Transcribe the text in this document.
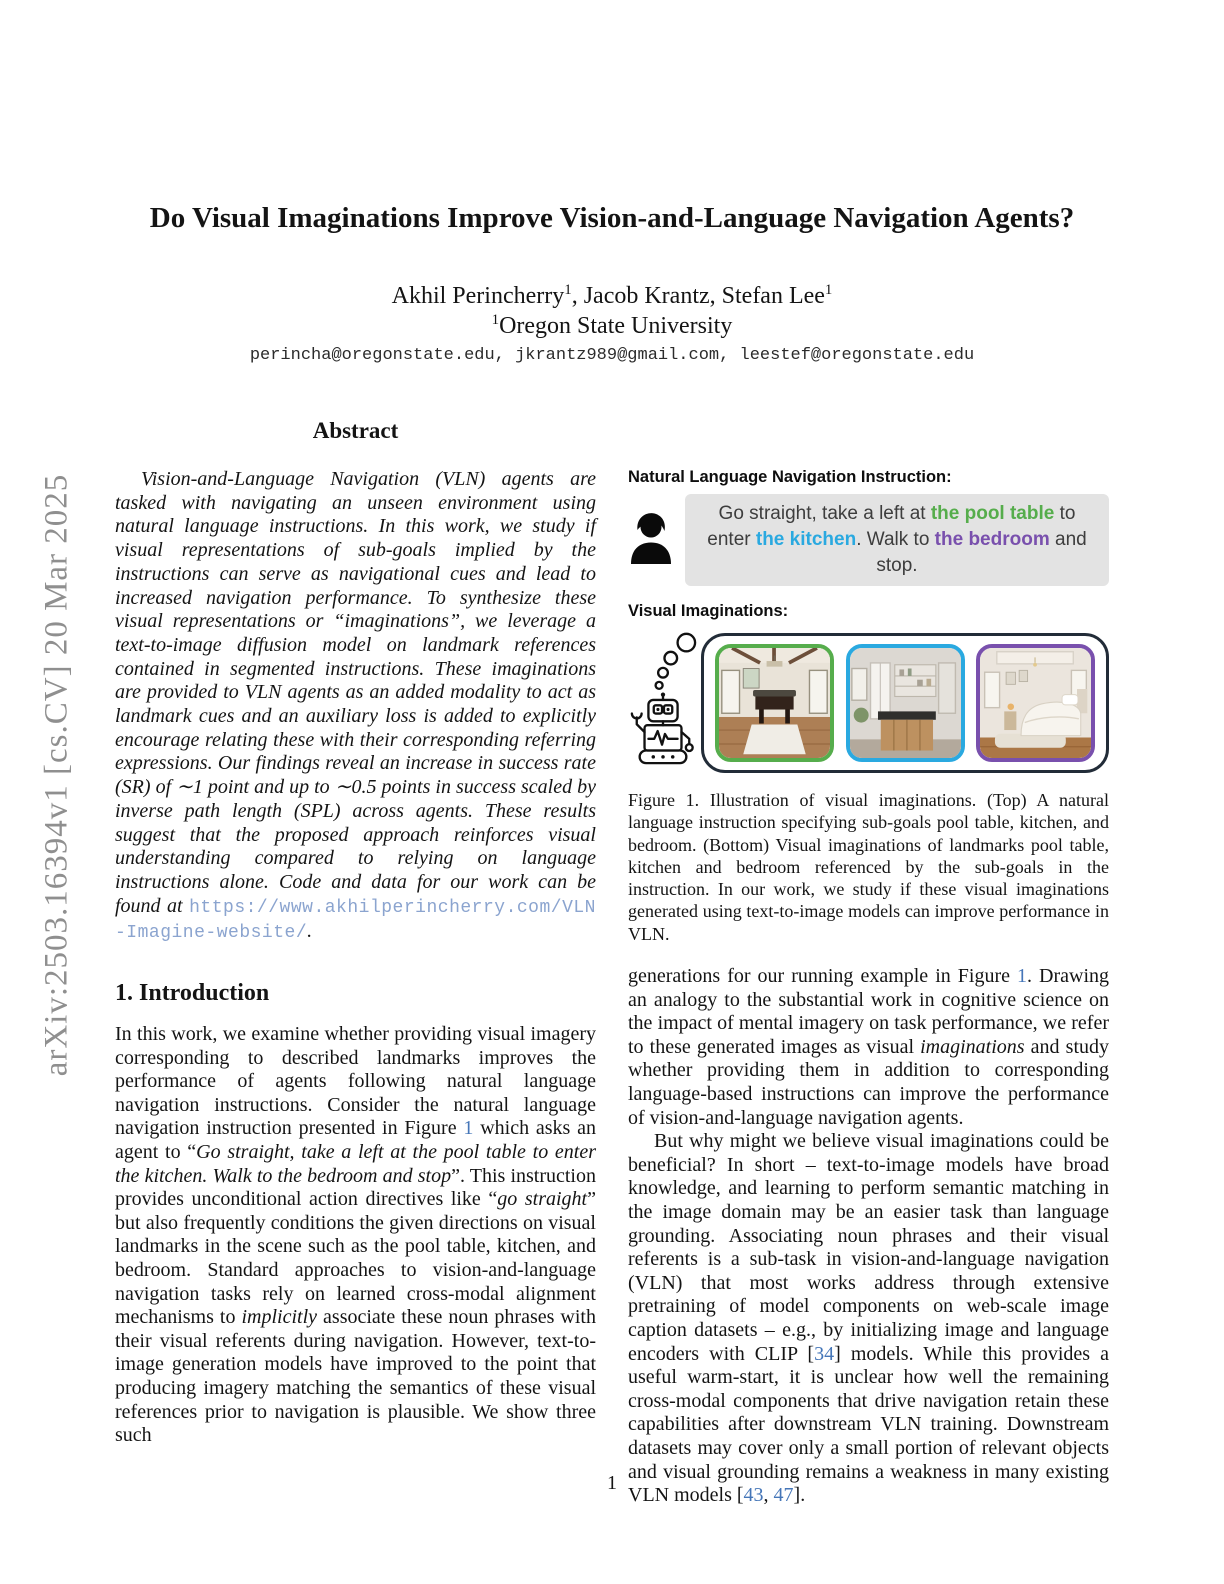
arXiv:2503.16394v1 [cs.CV] 20 Mar 2025
Do Visual Imaginations Improve Vision-and-Language Navigation Agents?
Akhil Perincherry$^1$, Jacob Krantz, Stefan Lee$^1$
$^1$Oregon State University
perincha@oregonstate.edu, jkrantz989@gmail.com, leestef@oregonstate.edu
Abstract

Vision-and-Language Navigation (VLN) agents are tasked with navigating an unseen environment using natural language instructions. In this work, we study if visual representations of sub-goals implied by the instructions can serve as navigational cues and lead to increased navigation performance. To synthesize these visual representations or “imaginations”, we leverage a text-to-image diffusion model on landmark references contained in segmented instructions. These imaginations are provided to VLN agents as an added modality to act as landmark cues and an auxiliary loss is added to explicitly encourage relating these with their corresponding referring expressions. Our findings reveal an increase in success rate (SR) of ∼1 point and up to ∼0.5 points in success scaled by inverse path length (SPL) across agents. These results suggest that the proposed approach reinforces visual understanding compared to relying on language instructions alone. Code and data for our work can be found at https://www.akhilperincherry.com/VLN-Imagine-website/.

1. Introduction

In this work, we examine whether providing visual imagery corresponding to described landmarks improves the performance of agents following natural language navigation instructions. Consider the natural language navigation instruction presented in Figure 1 which asks an agent to “Go straight, take a left at the pool table to enter the kitchen. Walk to the bedroom and stop”. This instruction provides unconditional action directives like “go straight” but also frequently conditions the given directions on visual landmarks in the scene such as the pool table, kitchen, and bedroom. Standard approaches to vision-and-language navigation tasks rely on learned cross-modal alignment mechanisms to implicitly associate these noun phrases with their visual referents during navigation. However, text-to-image generation models have improved to the point that producing imagery matching the semantics of these visual references prior to navigation is plausible. We show three such

Natural Language Navigation Instruction:
Go straight, take a left at the pool table to enter the kitchen. Walk to the bedroom and stop.
Visual Imaginations:

Figure 1. Illustration of visual imaginations. (Top) A natural language instruction specifying sub-goals pool table, kitchen, and bedroom. (Bottom) Visual imaginations of landmarks pool table, kitchen and bedroom referenced by the sub-goals in the instruction. In our work, we study if these visual imaginations generated using text-to-image models can improve performance in VLN.

generations for our running example in Figure 1. Drawing an analogy to the substantial work in cognitive science on the impact of mental imagery on task performance, we refer to these generated images as visual imaginations and study whether providing them in addition to corresponding language-based instructions can improve the performance of vision-and-language navigation agents.

But why might we believe visual imaginations could be beneficial? In short – text-to-image models have broad knowledge, and learning to perform semantic matching in the image domain may be an easier task than language grounding. Associating noun phrases and their visual referents is a sub-task in vision-and-language navigation (VLN) that most works address through extensive pretraining of model components on web-scale image caption datasets – e.g., by initializing image and language encoders with CLIP [34] models. While this provides a useful warm-start, it is unclear how well the remaining cross-modal components that drive navigation retain these capabilities after downstream VLN training. Downstream datasets may cover only a small portion of relevant objects and visual grounding remains a weakness in many existing VLN models [43, 47].

1
